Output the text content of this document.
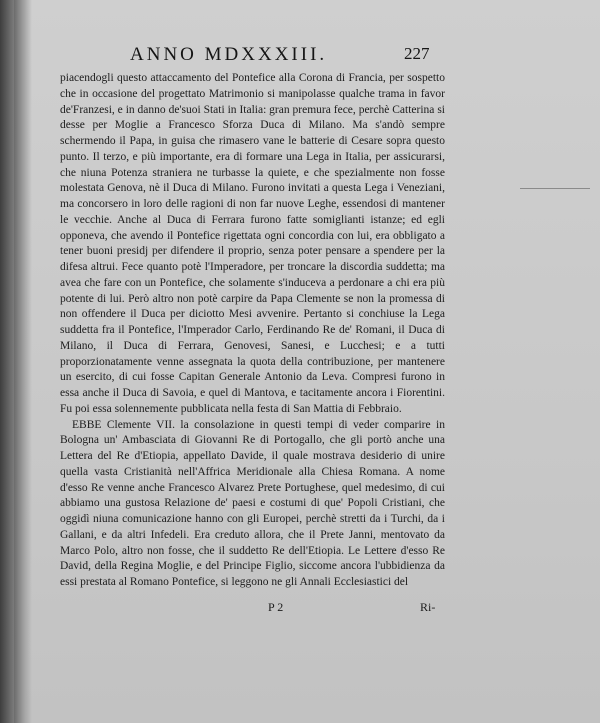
ANNO MDXXXIII.	227

piacendogli questo attaccamento del Pontefice alla Corona di Francia, per sospetto che in occasione del progettato Matrimonio si manipolasse qualche trama in favor de'Franzesi, e in danno de'suoi Stati in Italia: gran premura fece, perchè Catterina si desse per Moglie a Francesco Sforza Duca di Milano. Ma s'andò sempre schermendo il Papa, in guisa che rimasero vane le batterie di Cesare sopra questo punto. Il terzo, e più importante, era di formare una Lega in Italia, per assicurarsi, che niuna Potenza straniera ne turbasse la quiete, e che spezialmente non fosse molestata Genova, nè il Duca di Milano. Furono invitati a questa Lega i Veneziani, ma concorsero in loro delle ragioni di non far nuove Leghe, essendosi di mantener le vecchie. Anche al Duca di Ferrara furono fatte somiglianti istanze; ed egli opponeva, che avendo il Pontefice rigettata ogni concordia con lui, era obbligato a tener buoni presidj per difendere il proprio, senza poter pensare a spendere per la difesa altrui. Fece quanto potè l'Imperadore, per troncare la discordia suddetta; ma avea che fare con un Pontefice, che solamente s'induceva a perdonare a chi era più potente di lui. Però altro non potè carpire da Papa Clemente se non la promessa di non offendere il Duca per diciotto Mesi avvenire. Pertanto si conchiuse la Lega suddetta fra il Pontefice, l'Imperador Carlo, Ferdinando Re de' Romani, il Duca di Milano, il Duca di Ferrara, Genovesi, Sanesi, e Lucchesi; e a tutti proporzionatamente venne assegnata la quota della contribuzione, per mantenere un esercito, di cui fosse Capitan Generale Antonio da Leva. Compresi furono in essa anche il Duca di Savoia, e quel di Mantova, e tacitamente ancora i Fiorentini. Fu poi essa solennemente pubblicata nella festa di San Mattia di Febbraio.

EBBE Clemente VII. la consolazione in questi tempi di veder comparire in Bologna un' Ambasciata di Giovanni Re di Portogallo, che gli portò anche una Lettera del Re d'Etiopia, appellato Davide, il quale mostrava desiderio di unire quella vasta Cristianità nell'Affrica Meridionale alla Chiesa Romana. A nome d'esso Re venne anche Francesco Alvarez Prete Portughese, quel medesimo, di cui abbiamo una gustosa Relazione de' paesi e costumi di que' Popoli Cristiani, che oggidì niuna comunicazione hanno con gli Europei, perchè stretti da i Turchi, da i Gallani, e da altri Infedeli. Era creduto allora, che il Prete Janni, mentovato da Marco Polo, altro non fosse, che il suddetto Re dell'Etiopia. Le Lettere d'esso Re David, della Regina Moglie, e del Principe Figlio, siccome ancora l'ubbidienza da essi prestata al Romano Pontefice, si leggono ne gli Annali Ecclesiastici del

P 2	Ri-
